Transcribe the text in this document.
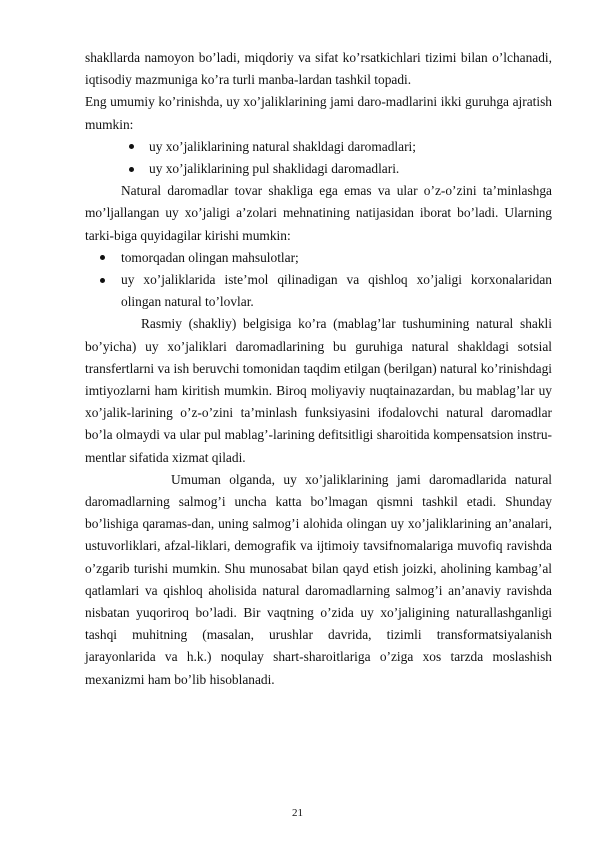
shakllarda namoyon bo’ladi, miqdoriy va sifat ko’rsatkichlari tizimi bilan o’lchanadi, iqtisodiy mazmuniga ko’ra turli manba-lardan tashkil topadi.

Eng umumiy ko’rinishda, uy xo’jaliklarining jami daro-madlarini ikki guruhga ajratish mumkin:

uy xo’jaliklarining natural shakldagi daromadlari;
uy xo’jaliklarining pul shaklidagi daromadlari.

Natural daromadlar tovar shakliga ega emas va ular o’z-o’zini ta’minlashga mo’ljallangan uy xo’jaligi a’zolari mehnatining natijasidan iborat bo’ladi. Ularning tarki-biga quyidagilar kirishi mumkin:

tomorqadan olingan mahsulotlar;
uy xo’jaliklarida iste’mol qilinadigan va qishloq xo’jaligi korxonalaridan olingan natural to’lovlar.

Rasmiy (shakliy) belgisiga ko’ra (mablag’lar tushumining natural shakli bo’yicha) uy xo’jaliklari daromadlarining bu guruhiga natural shakldagi sotsial transfertlarni va ish beruvchi tomonidan taqdim etilgan (berilgan) natural ko’rinishdagi imtiyozlarni ham kiritish mumkin. Biroq moliyaviy nuqtainazardan, bu mablag’lar uy xo’jalik-larining o’z-o’zini ta’minlash funksiyasini ifodalovchi natural daromadlar bo’la olmaydi va ular pul mablag’-larining defitsitligi sharoitida kompensatsion instru-mentlar sifatida xizmat qiladi.

Umuman olganda, uy xo’jaliklarining jami daromadlarida natural daromadlarning salmog’i uncha katta bo’lmagan qismni tashkil etadi. Shunday bo’lishiga qaramas-dan, uning salmog’i alohida olingan uy xo’jaliklarining an’analari, ustuvorliklari, afzal-liklari, demografik va ijtimoiy tavsifnomalariga muvofiq ravishda o’zgarib turishi mumkin. Shu munosabat bilan qayd etish joizki, aholining kambag’al qatlamlari va qishloq aholisida natural daromadlarning salmog’i an’anaviy ravishda nisbatan yuqoriroq bo’ladi. Bir vaqtning o’zida uy xo’jaligining naturallashganligi tashqi muhitning (masalan, urushlar davrida, tizimli transformatsiyalanish jarayonlarida va h.k.) noqulay shart-sharoitlariga o’ziga xos tarzda moslashish mexanizmi ham bo’lib hisoblanadi.

21
